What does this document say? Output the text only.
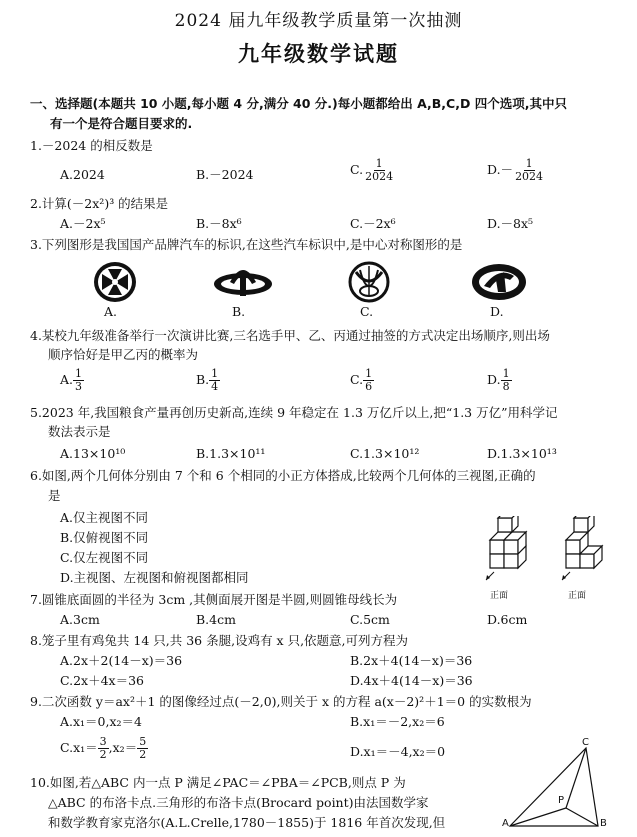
2024 届九年级教学质量第一次抽测
九年级数学试题
一、选择题(本题共 10 小题,每小题 4 分,满分 40 分.)每小题都给出 A,B,C,D 四个选项,其中只
有一个是符合题目要求的.
1.－2024 的相反数是
A.2024	B.－2024	C. $\frac{1}{2024}$	$D.- \frac{1}{2024}$
2.计算(－2x²)³ 的结果是
A.－2x⁵	B.－8x⁶	C.－2x⁶	D.－8x⁵
3.下列图形是我国国产品牌汽车的标识,在这些汽车标识中,是中心对称图形的是
A.	B.	C.	D.
4.某校九年级准备举行一次演讲比赛,三名选手甲、乙、丙通过抽签的方式决定出场顺序,则出场
顺序恰好是甲乙丙的概率为
A. $\frac{1}{3}$	B. $\frac{1}{4}$	C. $\frac{1}{6}$	D. $\frac{1}{8}$
5.2023 年,我国粮食产量再创历史新高,连续 9 年稳定在 1.3 万亿斤以上,把“1.3 万亿”用科学记
数法表示是
A.13×10¹⁰	B.1.3×10¹¹	C.1.3×10¹²	D.1.3×10¹³
6.如图,两个几何体分别由 7 个和 6 个相同的小正方体搭成,比较两个几何体的三视图,正确的
是
A.仅主视图不同
B.仅俯视图不同
C.仅左视图不同
D.主视图、左视图和俯视图都相同
正面	正面
7.圆锥底面圆的半径为 3cm ,其侧面展开图是半圆,则圆锥母线长为
A.3cm	B.4cm	C.5cm	D.6cm
8.笼子里有鸡兔共 14 只,共 36 条腿,设鸡有 x 只,依题意,可列方程为
A.2x＋2(14－x)＝36	B.2x＋4(14－x)＝36
C.2x＋4x＝36	D.4x＋4(14－x)＝36
9.二次函数 y＝ax²＋1 的图像经过点(－2,0),则关于 x 的方程 a(x－2)²＋1＝0 的实数根为
A.x₁＝0,x₂＝4	B.x₁＝－2,x₂＝6
$C.x_1= \frac{3}{2} ,x_2= \frac{5}{2}$	D.x₁＝－4,x₂＝0
10.如图,若△ABC 内一点 P 满足∠PAC＝∠PBA＝∠PCB,则点 P 为
△ABC 的布洛卡点.三角形的布洛卡点(Brocard point)由法国数学家
和数学教育家克洛尔(A.L.Crelle,1780－1855)于 1816 年首次发现,但	A	B
C
P
